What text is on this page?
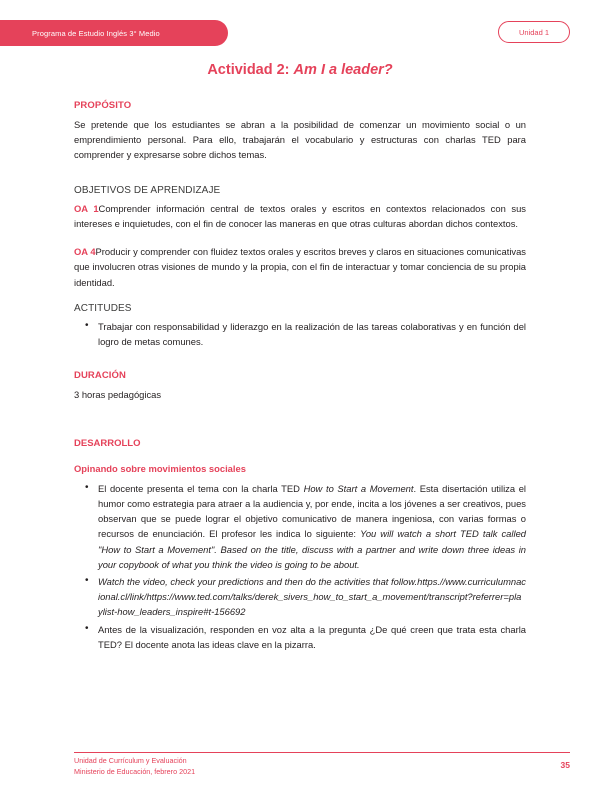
Programa de Estudio Inglés 3° Medio	Unidad 1
Actividad 2: Am I a leader?
PROPÓSITO

Se pretende que los estudiantes se abran a la posibilidad de comenzar un movimiento social o un emprendimiento personal. Para ello, trabajarán el vocabulario y estructuras con charlas TED para comprender y expresarse sobre dichos temas.

OBJETIVOS DE APRENDIZAJE

OA 1Comprender información central de textos orales y escritos en contextos relacionados con sus intereses e inquietudes, con el fin de conocer las maneras en que otras culturas abordan dichos contextos.

OA 4Producir y comprender con fluidez textos orales y escritos breves y claros en situaciones comunicativas que involucren otras visiones de mundo y la propia, con el fin de interactuar y tomar conciencia de su propia identidad.

ACTITUDES
• Trabajar con responsabilidad y liderazgo en la realización de las tareas colaborativas y en función del logro de metas comunes.
DURACIÓN

3 horas pedagógicas

DESARROLLO
Opinando sobre movimientos sociales
• El docente presenta el tema con la charla TED How to Start a Movement. Esta disertación utiliza el humor como estrategia para atraer a la audiencia y, por ende, incita a los jóvenes a ser creativos, pues observan que se puede lograr el objetivo comunicativo de manera ingeniosa, con varias formas o recursos de enunciación. El profesor les indica lo siguiente: You will watch a short TED talk called "How to Start a Movement". Based on the title, discuss with a partner and write down three ideas in your copybook of what you think the video is going to be about.
• Watch the video, check your predictions and then do the activities that follow.https.//www.curriculumnacional.cl/link/https://www.ted.com/talks/derek_sivers_how_to_start_a_movement/transcript?referrer=playlist-how_leaders_inspire#t-156692
• Antes de la visualización, responden en voz alta a la pregunta ¿De qué creen que trata esta charla TED? El docente anota las ideas clave en la pizarra.
Unidad de Currículum y Evaluación
Ministerio de Educación, febrero 2021
35
